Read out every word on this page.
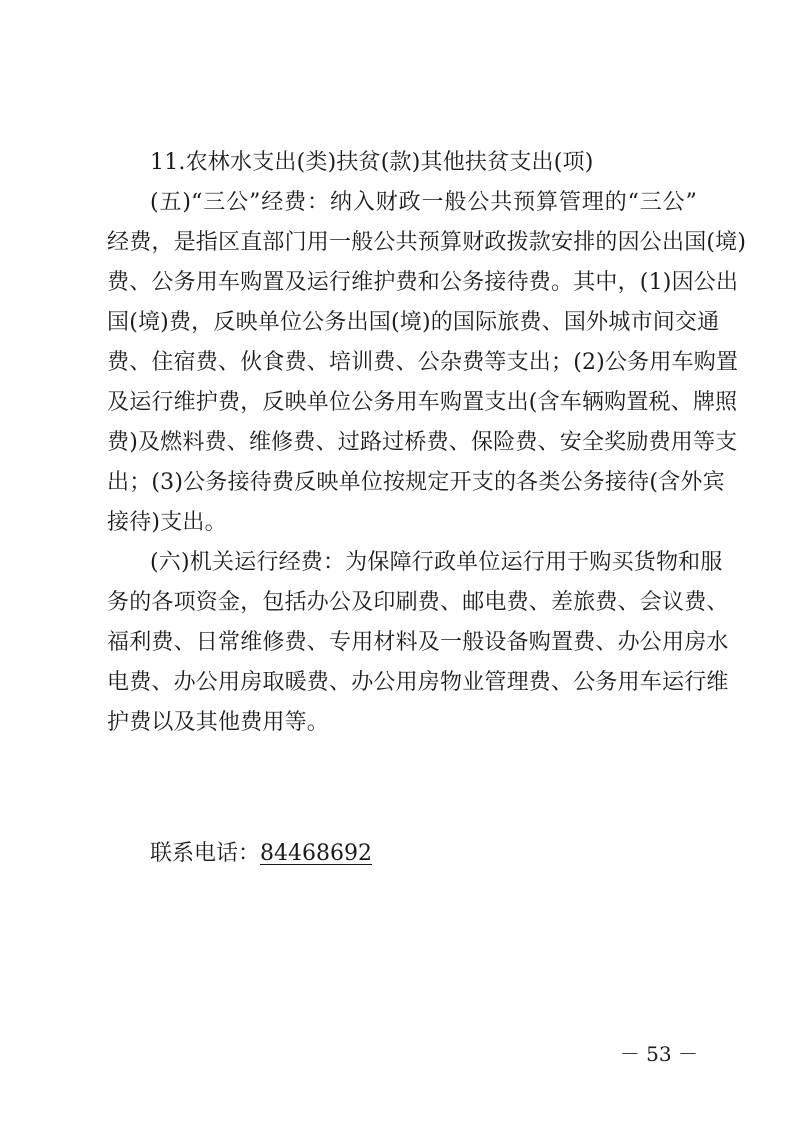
11.农林水支出(类)扶贫(款)其他扶贫支出(项)
(五)“三公”经费：纳入财政一般公共预算管理的“三公”
经费，是指区直部门用一般公共预算财政拨款安排的因公出国(境)
费、公务用车购置及运行维护费和公务接待费。其中，(1)因公出
国(境)费，反映单位公务出国(境)的国际旅费、国外城市间交通
费、住宿费、伙食费、培训费、公杂费等支出；(2)公务用车购置
及运行维护费，反映单位公务用车购置支出(含车辆购置税、牌照
费)及燃料费、维修费、过路过桥费、保险费、安全奖励费用等支
出；(3)公务接待费反映单位按规定开支的各类公务接待(含外宾
接待)支出。
(六)机关运行经费：为保障行政单位运行用于购买货物和服
务的各项资金，包括办公及印刷费、邮电费、差旅费、会议费、
福利费、日常维修费、专用材料及一般设备购置费、办公用房水
电费、办公用房取暖费、办公用房物业管理费、公务用车运行维
护费以及其他费用等。
联系电话：84468692
－ 53 －
